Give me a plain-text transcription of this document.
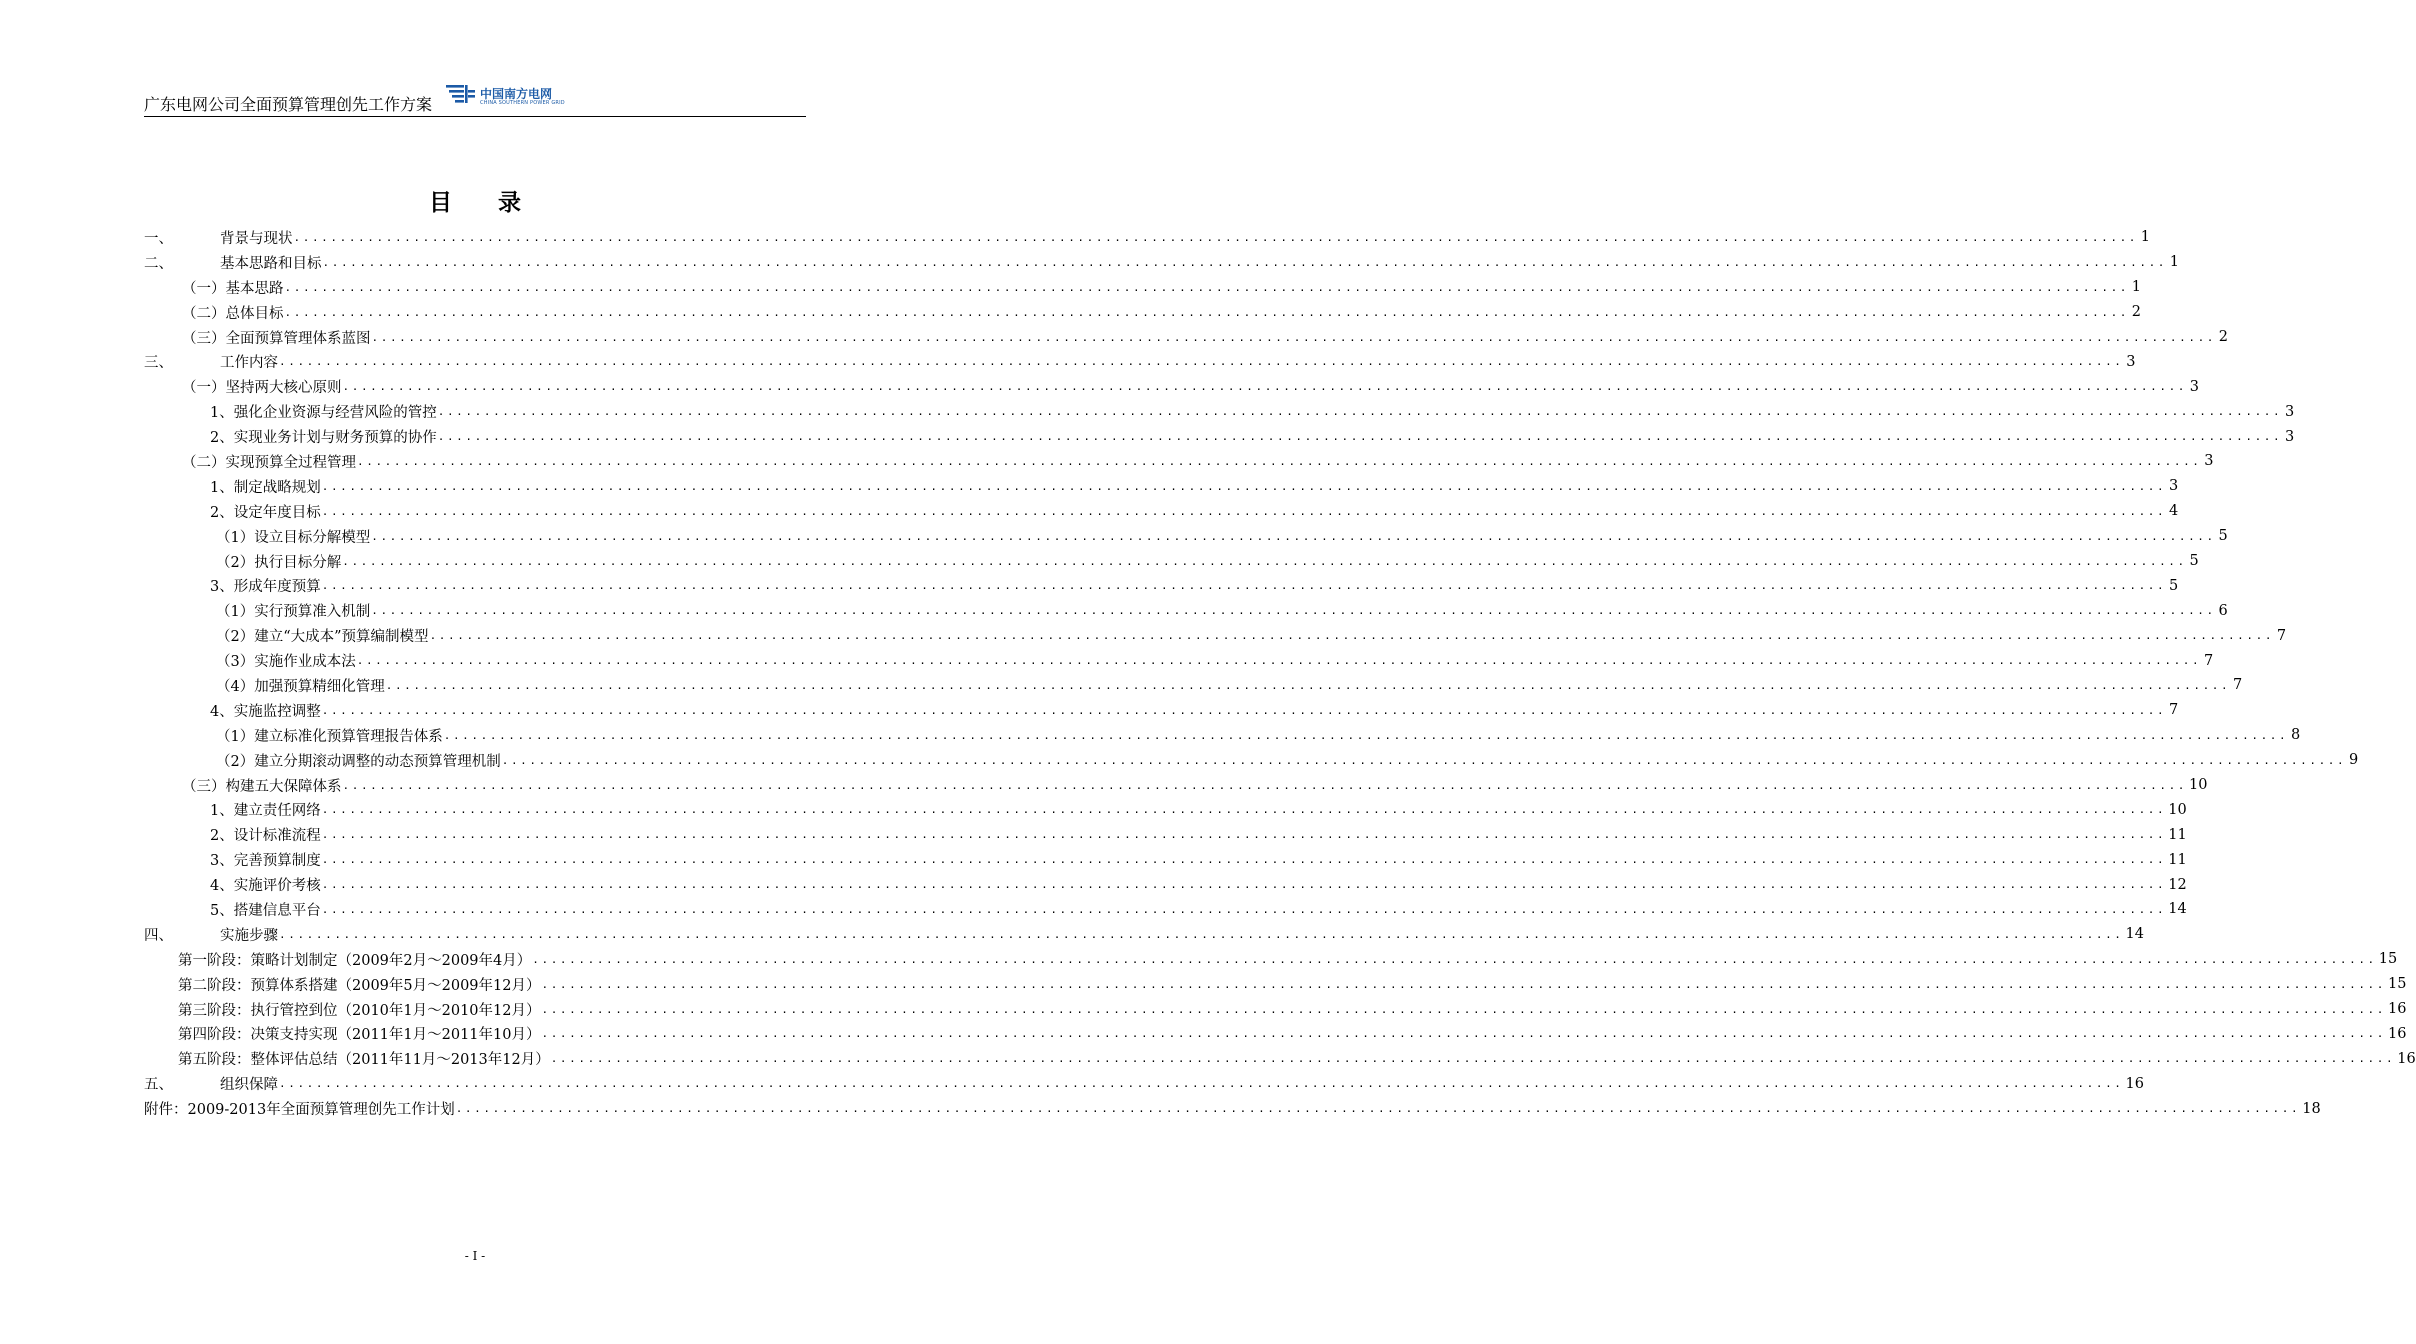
广东电网公司全面预算管理创先工作方案
中国南方电网
CHINA SOUTHERN POWER GRID
目　　录
一、	背景与现状 ........................................................................................................................................................................................................ 1
二、	基本思路和目标 ........................................................................................................................................................................................................ 1
（一）基本思路 ........................................................................................................................................................................................................ 1
（二）总体目标 ........................................................................................................................................................................................................ 2
（三）全面预算管理体系蓝图 ........................................................................................................................................................................................................ 2
三、	工作内容 ........................................................................................................................................................................................................ 3
（一）坚持两大核心原则 ........................................................................................................................................................................................................ 3
1、强化企业资源与经营风险的管控 ........................................................................................................................................................................................................ 3
2、实现业务计划与财务预算的协作 ........................................................................................................................................................................................................ 3
（二）实现预算全过程管理 ........................................................................................................................................................................................................ 3
1、制定战略规划 ........................................................................................................................................................................................................ 3
2、设定年度目标 ........................................................................................................................................................................................................ 4
（1）设立目标分解模型 ........................................................................................................................................................................................................ 5
（2）执行目标分解 ........................................................................................................................................................................................................ 5
3、形成年度预算 ........................................................................................................................................................................................................ 5
（1）实行预算准入机制 ........................................................................................................................................................................................................ 6
（2）建立“大成本”预算编制模型 ........................................................................................................................................................................................................ 7
（3）实施作业成本法 ........................................................................................................................................................................................................ 7
（4）加强预算精细化管理 ........................................................................................................................................................................................................ 7
4、实施监控调整 ........................................................................................................................................................................................................ 7
（1）建立标准化预算管理报告体系 ........................................................................................................................................................................................................ 8
（2）建立分期滚动调整的动态预算管理机制 ........................................................................................................................................................................................................ 9
（三）构建五大保障体系 ........................................................................................................................................................................................................ 10
1、建立责任网络 ........................................................................................................................................................................................................ 10
2、设计标准流程 ........................................................................................................................................................................................................ 11
3、完善预算制度 ........................................................................................................................................................................................................ 11
4、实施评价考核 ........................................................................................................................................................................................................ 12
5、搭建信息平台 ........................................................................................................................................................................................................ 14
四、	实施步骤 ........................................................................................................................................................................................................ 14
第一阶段：策略计划制定（2009年2月～2009年4月） ........................................................................................................................................................................................................ 15
第二阶段：预算体系搭建（2009年5月～2009年12月） ........................................................................................................................................................................................................ 15
第三阶段：执行管控到位（2010年1月～2010年12月） ........................................................................................................................................................................................................ 16
第四阶段：决策支持实现（2011年1月～2011年10月） ........................................................................................................................................................................................................ 16
第五阶段：整体评估总结（2011年11月～2013年12月） ........................................................................................................................................................................................................ 16
五、	组织保障 ........................................................................................................................................................................................................ 16
附件：2009-2013年全面预算管理创先工作计划 ........................................................................................................................................................................................................ 18
- I -
